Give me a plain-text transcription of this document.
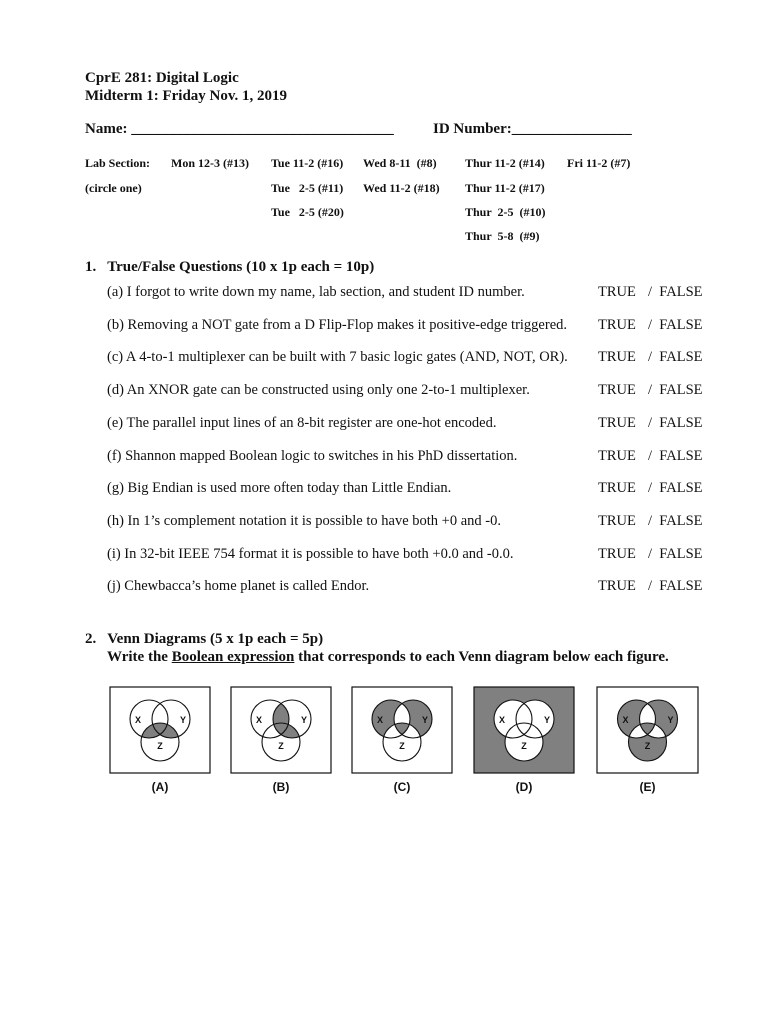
CprE 281: Digital Logic
Midterm 1: Friday Nov. 1, 2019
Name: ___________________________________	ID Number:________________
Lab Section:
(circle one)
Mon 12-3 (#13) Tue 11-2 (#16) Wed 8-11  (#8) Thur 11-2 (#14) Fri 11-2 (#7)
Tue   2-5 (#11) Wed 11-2 (#18) Thur 11-2 (#17)
Tue   2-5 (#20)	Thur  2-5  (#10)
Thur  5-8  (#9)
1.   True/False Questions (10 x 1p each = 10p)
(a) I forgot to write down my name, lab section, and student ID number.	TRUE /  FALSE
(b) Removing a NOT gate from a D Flip-Flop makes it positive-edge triggered. TRUE /  FALSE
(c) A 4-to-1 multiplexer can be built with 7 basic logic gates (AND, NOT, OR). TRUE /  FALSE
(d) An XNOR gate can be constructed using only one 2-to-1 multiplexer.	TRUE /  FALSE
(e) The parallel input lines of an 8-bit register are one-hot encoded.	TRUE /  FALSE
(f) Shannon mapped Boolean logic to switches in his PhD dissertation.	TRUE /  FALSE
(g) Big Endian is used more often today than Little Endian.	TRUE /  FALSE
(h) In 1’s complement notation it is possible to have both +0 and -0.	TRUE /  FALSE
(i) In 32-bit IEEE 754 format it is possible to have both +0.0 and -0.0.	TRUE /  FALSE
(j) Chewbacca’s home planet is called Endor.	TRUE /  FALSE
2.   Venn Diagrams (5 x 1p each = 5p)
Write the Boolean expression that corresponds to each Venn diagram below each figure.
X	Y
Z
(A)
X	Y
Z
(B)
X	Y
Z
(C)
X	Y
Z
(D)
X	Y
Z
(E)
